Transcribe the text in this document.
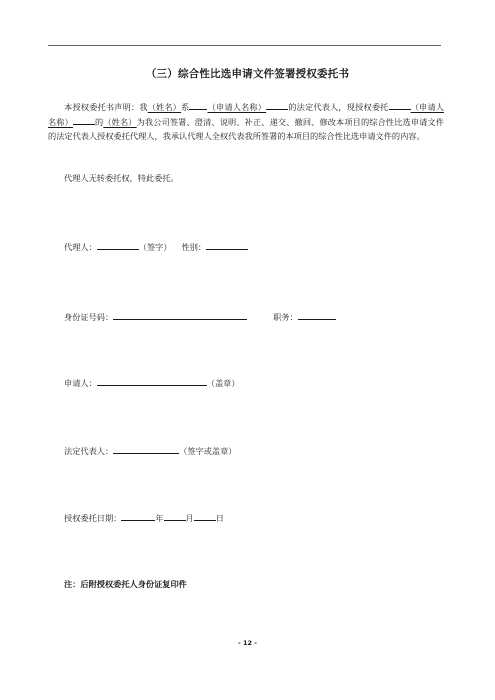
（三）综合性比选申请文件签署授权委托书

本授权委托书声明：我（姓名）系 （申请人名称）	的法定代表人，现授权委托	（申请人名称）	的（姓名）为我公司签署、澄清、说明、补正、递交、撤回、修改本项目的综合性比选申请文件的法定代表人授权委托代理人，我承认代理人全权代表我所签署的本项目的综合性比选申请文件的内容。

代理人无转委托权，特此委托。
代理人：	（签字） 性别：
身份证号码：	职务：
申请人：	（盖章）
法定代表人：	（签字或盖章）
授权委托日期：	年	月	日
注：后附授权委托人身份证复印件
- 12 -
